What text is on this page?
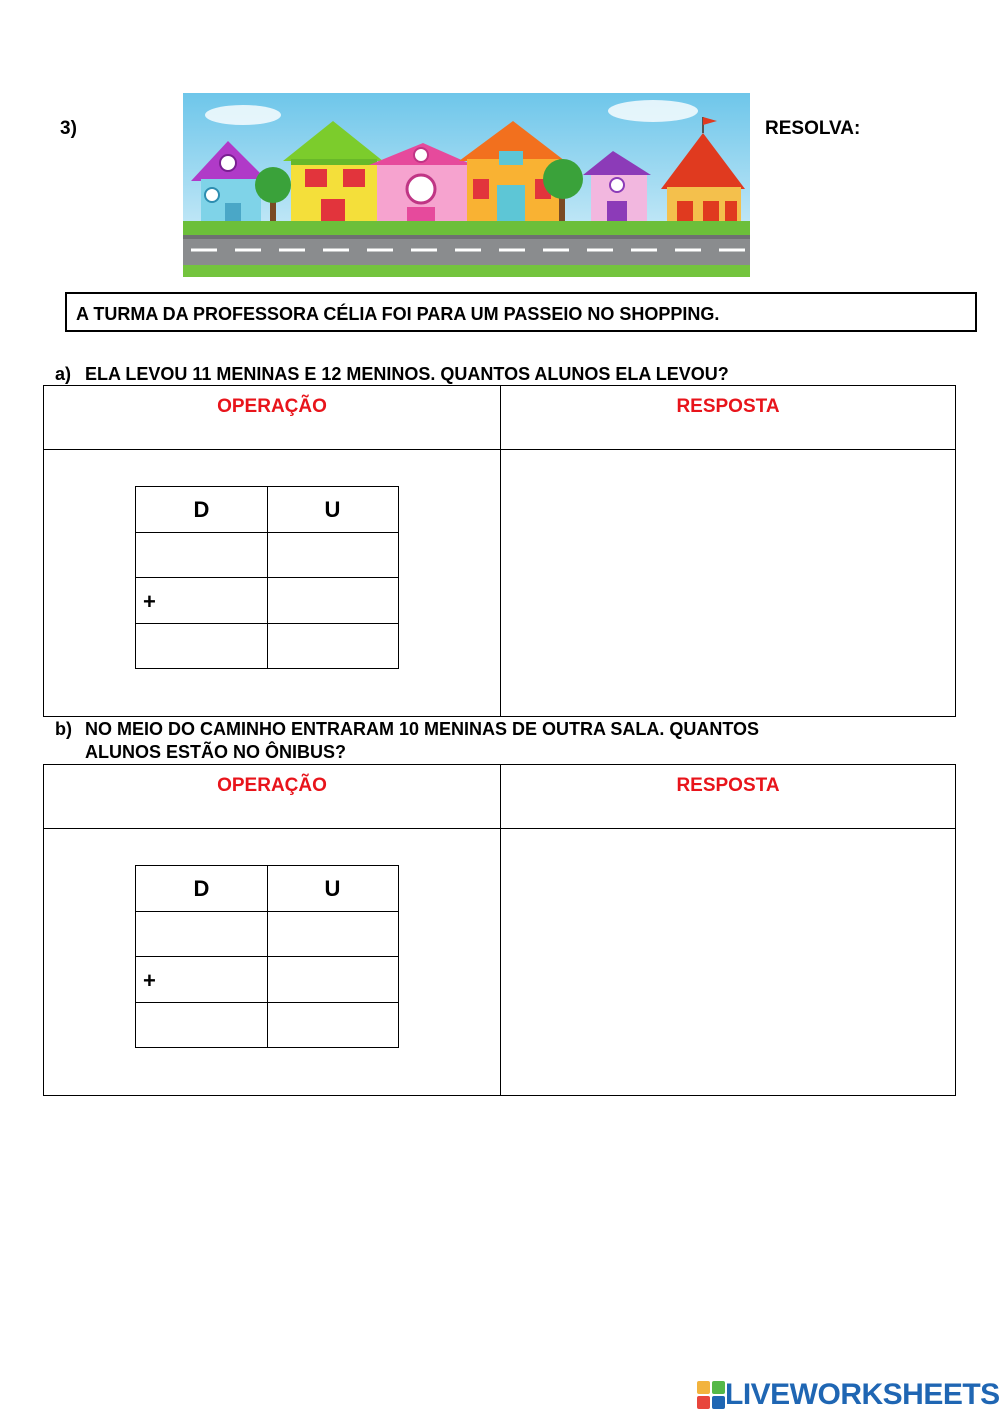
3)	RESOLVA:
A TURMA DA PROFESSORA CÉLIA FOI PARA UM PASSEIO NO SHOPPING.
a) ELA LEVOU 11 MENINAS E 12 MENINOS. QUANTOS ALUNOS ELA LEVOU?
OPERAÇÃO	RESPOSTA
D	U
+
b) NO MEIO DO CAMINHO ENTRARAM 10 MENINAS DE OUTRA SALA. QUANTOS
ALUNOS ESTÃO NO ÔNIBUS?
OPERAÇÃO	RESPOSTA
D	U
+
LIVEWORKSHEETS
